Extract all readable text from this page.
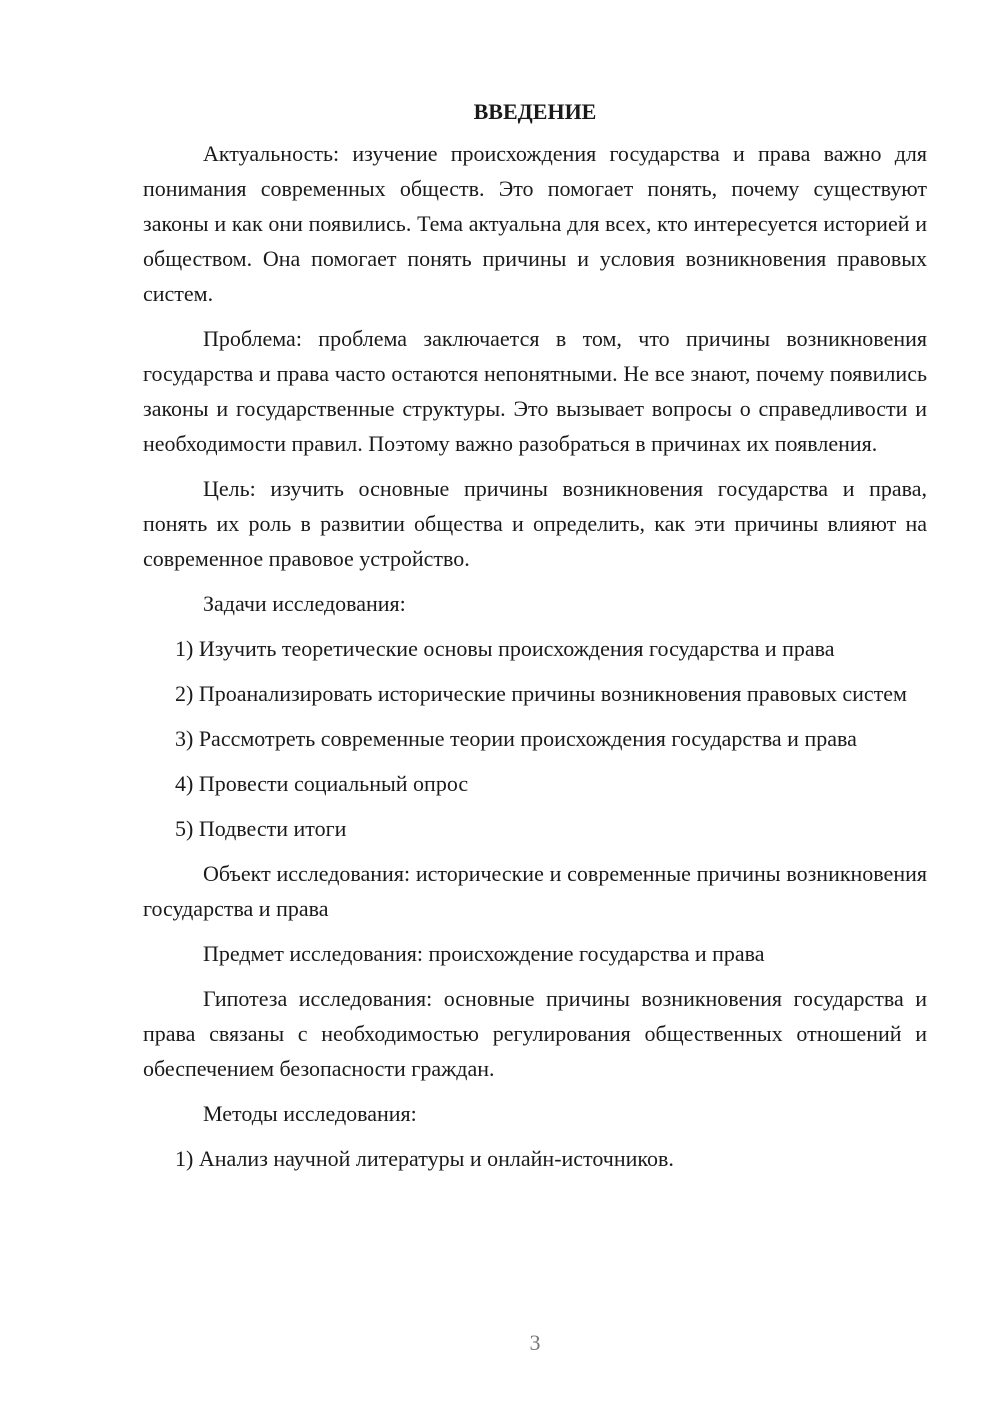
ВВЕДЕНИЕ

Актуальность: изучение происхождения государства и права важно для понимания современных обществ. Это помогает понять, почему существуют законы и как они появились. Тема актуальна для всех, кто интересуется историей и обществом. Она помогает понять причины и условия возникновения правовых систем.

Проблема: проблема заключается в том, что причины возникновения государства и права часто остаются непонятными. Не все знают, почему появились законы и государственные структуры. Это вызывает вопросы о справедливости и необходимости правил. Поэтому важно разобраться в причинах их появления.

Цель: изучить основные причины возникновения государства и права, понять их роль в развитии общества и определить, как эти причины влияют на современное правовое устройство.

Задачи исследования:

1) Изучить теоретические основы происхождения государства и права

2) Проанализировать исторические причины возникновения правовых систем

3) Рассмотреть современные теории происхождения государства и права

4) Провести социальный опрос

5) Подвести итоги

Объект исследования: исторические и современные причины возникновения государства и права

Предмет исследования: происхождение государства и права

Гипотеза исследования: основные причины возникновения государства и права связаны с необходимостью регулирования общественных отношений и обеспечением безопасности граждан.

Методы исследования:

1) Анализ научной литературы и онлайн-источников.

3
